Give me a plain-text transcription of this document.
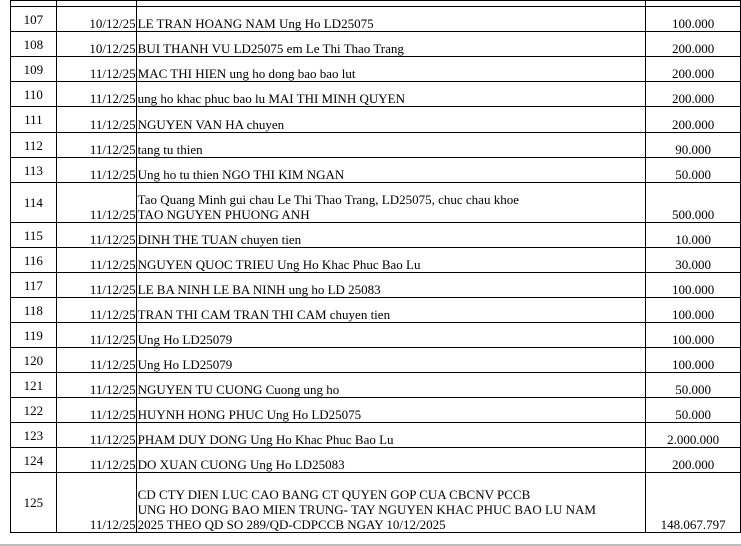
107	10/12/25	LE TRAN HOANG NAM Ung Ho LD25075	100.000
108	10/12/25	BUI THANH VU LD25075 em Le Thi Thao Trang	200.000
109	11/12/25	MAC THI HIEN ung ho dong bao bao lut	200.000
110	11/12/25	ung ho khac phuc bao lu MAI THI MINH QUYEN	200.000
111	11/12/25	NGUYEN VAN HA chuyen	200.000
112	11/12/25	tang tu thien	90.000
113	11/12/25	Ung ho tu thien NGO THI KIM NGAN	50.000
114	11/12/25	Tao Quang Minh gui chau Le Thi Thao Trang, LD25075, chuc chau khoe
TAO NGUYEN PHUONG ANH	500.000
115	11/12/25	DINH THE TUAN chuyen tien	10.000
116	11/12/25	NGUYEN QUOC TRIEU Ung Ho Khac Phuc Bao Lu	30.000
117	11/12/25	LE BA NINH LE BA NINH ung ho LD 25083	100.000
118	11/12/25	TRAN THI CAM TRAN THI CAM chuyen tien	100.000
119	11/12/25	Ung Ho LD25079	100.000
120	11/12/25	Ung Ho LD25079	100.000
121	11/12/25	NGUYEN TU CUONG Cuong ung ho	50.000
122	11/12/25	HUYNH HONG PHUC Ung Ho LD25075	50.000
123	11/12/25	PHAM DUY DONG Ung Ho Khac Phuc Bao Lu	2.000.000
124	11/12/25	DO XUAN CUONG Ung Ho LD25083	200.000
125	11/12/25	CD CTY DIEN LUC CAO BANG CT QUYEN GOP CUA CBCNV PCCB
UNG HO DONG BAO MIEN TRUNG- TAY NGUYEN KHAC PHUC BAO LU NAM
2025 THEO QD SO 289/QD-CDPCCB NGAY 10/12/2025	148.067.797
